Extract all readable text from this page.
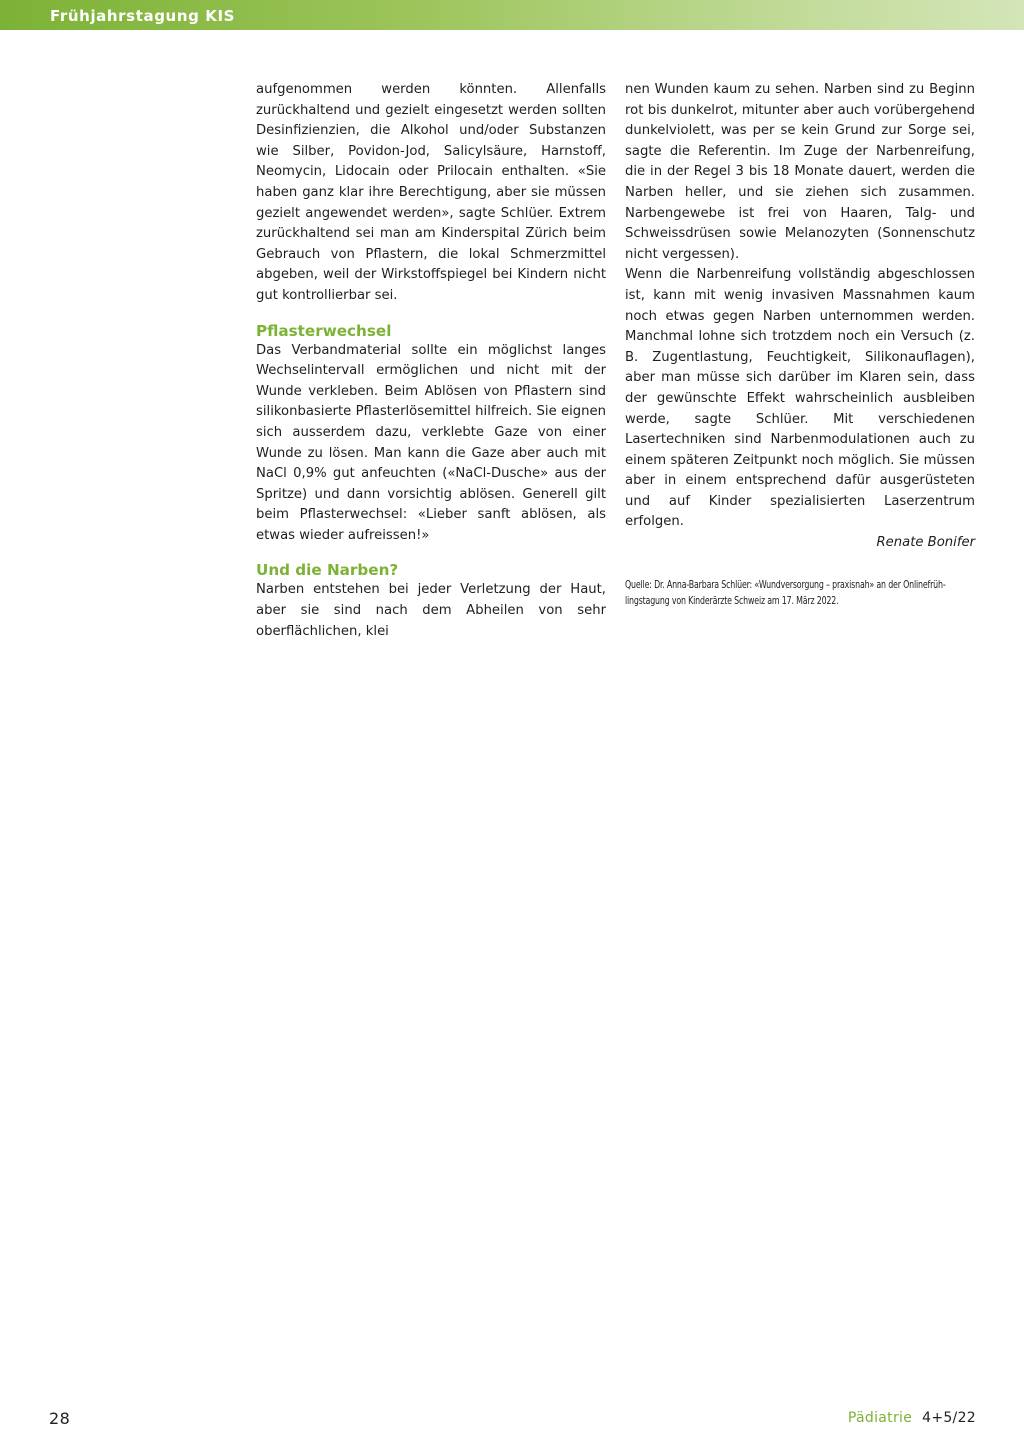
Frühjahrstagung KIS

aufgenommen werden könnten. Allenfalls zurückhaltend und gezielt eingesetzt werden sollten Desinfizienzien, die Alkohol und/oder Substanzen wie Silber, Povidon-Jod, Salicylsäure, Harnstoff, Neomycin, Lidocain oder Prilocain enthalten. «Sie haben ganz klar ihre Berechtigung, aber sie müssen gezielt angewendet werden», sagte Schlüer. Extrem zurückhaltend sei man am Kinderspital Zürich beim Gebrauch von Pflastern, die lokal Schmerzmittel abgeben, weil der Wirkstoffspiegel bei Kindern nicht gut kontrollierbar sei.

Pflasterwechsel

Das Verbandmaterial sollte ein möglichst langes Wechselintervall ermöglichen und nicht mit der Wunde verkleben. Beim Ablösen von Pflastern sind silikonbasierte Pflasterlösemittel hilfreich. Sie eignen sich ausserdem dazu, verklebte Gaze von einer Wunde zu lösen. Man kann die Gaze aber auch mit NaCl 0,9% gut anfeuchten («NaCl-Dusche» aus der Spritze) und dann vorsichtig ablösen. Generell gilt beim Pflasterwechsel: «Lieber sanft ablösen, als etwas wieder aufreissen!»

Und die Narben?

Narben entstehen bei jeder Verletzung der Haut, aber sie sind nach dem Abheilen von sehr oberflächlichen, klei

nen Wunden kaum zu sehen. Narben sind zu Beginn rot bis dunkelrot, mitunter aber auch vorübergehend dunkelviolett, was per se kein Grund zur Sorge sei, sagte die Referentin. Im Zuge der Narbenreifung, die in der Regel 3 bis 18 Monate dauert, werden die Narben heller, und sie ziehen sich zusammen. Narbengewebe ist frei von Haaren, Talg- und Schweissdrüsen sowie Melanozyten (Sonnenschutz nicht vergessen).

Wenn die Narbenreifung vollständig abgeschlossen ist, kann mit wenig invasiven Massnahmen kaum noch etwas gegen Narben unternommen werden. Manchmal lohne sich trotzdem noch ein Versuch (z. B. Zugentlastung, Feuchtigkeit, Silikonauflagen), aber man müsse sich darüber im Klaren sein, dass der gewünschte Effekt wahrscheinlich ausbleiben werde, sagte Schlüer. Mit verschiedenen Lasertechniken sind Narbenmodulationen auch zu einem späteren Zeitpunkt noch möglich. Sie müssen aber in einem entsprechend dafür ausgerüsteten und auf Kinder spezialisierten Laserzentrum erfolgen.

Renate Bonifer

Quelle: Dr. Anna-Barbara Schlüer: «Wundversorgung – praxisnah» an der Onlinefrüh-
lingstagung von Kinderärzte Schweiz am 17. März 2022.

28	Pädiatrie 4+5/22
